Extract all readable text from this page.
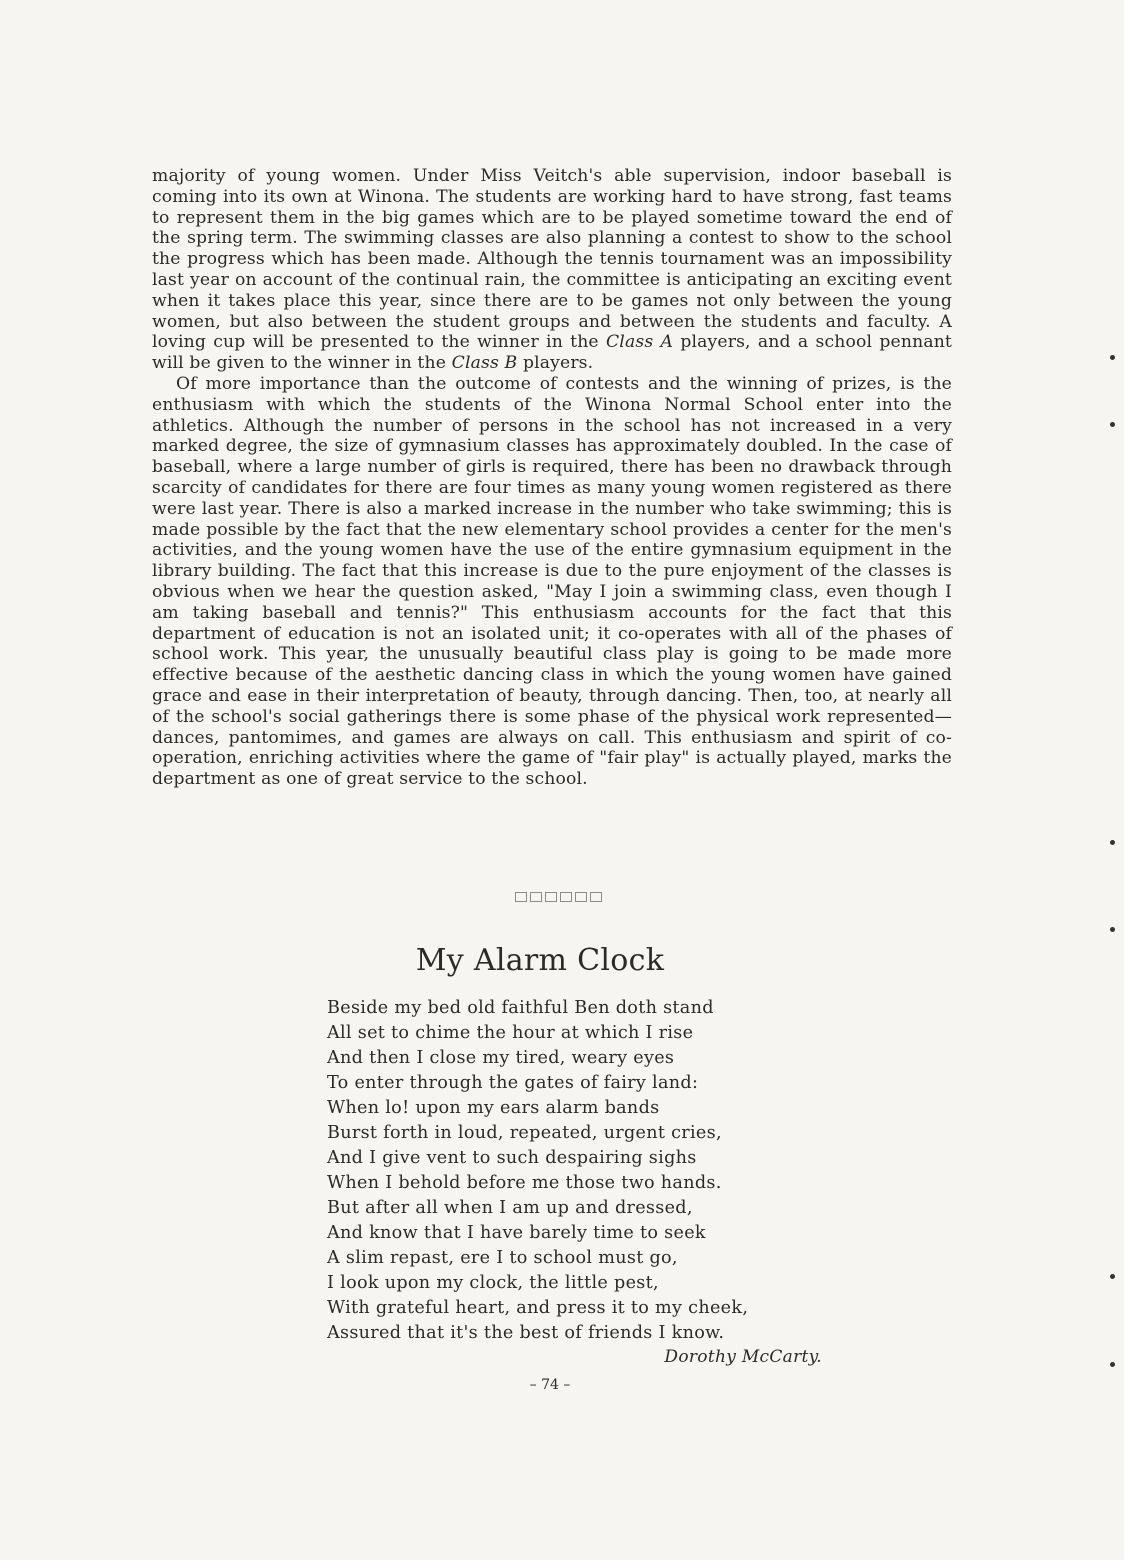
majority of young women. Under Miss Veitch's able supervision, indoor baseball is coming into its own at Winona. The students are working hard to have strong, fast teams to represent them in the big games which are to be played sometime toward the end of the spring term. The swimming classes are also planning a contest to show to the school the progress which has been made. Although the tennis tournament was an impossibility last year on account of the continual rain, the committee is anticipating an exciting event when it takes place this year, since there are to be games not only between the young women, but also between the student groups and between the students and faculty. A loving cup will be presented to the winner in the Class A players, and a school pennant will be given to the winner in the Class B players.

Of more importance than the outcome of contests and the winning of prizes, is the enthusiasm with which the students of the Winona Normal School enter into the athletics. Although the number of persons in the school has not increased in a very marked degree, the size of gymnasium classes has approximately doubled. In the case of baseball, where a large number of girls is required, there has been no drawback through scarcity of candidates for there are four times as many young women registered as there were last year. There is also a marked increase in the number who take swimming; this is made possible by the fact that the new elementary school provides a center for the men's activities, and the young women have the use of the entire gymnasium equipment in the library building. The fact that this increase is due to the pure enjoyment of the classes is obvious when we hear the question asked, "May I join a swimming class, even though I am taking baseball and tennis?" This enthusiasm accounts for the fact that this department of education is not an isolated unit; it co-operates with all of the phases of school work. This year, the unusually beautiful class play is going to be made more effective because of the aesthetic dancing class in which the young women have gained grace and ease in their interpretation of beauty, through dancing. Then, too, at nearly all of the school's social gatherings there is some phase of the physical work represented—dances, pantomimes, and games are always on call. This enthusiasm and spirit of co-operation, enriching activities where the game of "fair play" is actually played, marks the department as one of great service to the school.

My Alarm Clock
Beside my bed old faithful Ben doth stand
All set to chime the hour at which I rise
And then I close my tired, weary eyes
To enter through the gates of fairy land:
When lo! upon my ears alarm bands
Burst forth in loud, repeated, urgent cries,
And I give vent to such despairing sighs
When I behold before me those two hands.
But after all when I am up and dressed,
And know that I have barely time to seek
A slim repast, ere I to school must go,
I look upon my clock, the little pest,
With grateful heart, and press it to my cheek,
Assured that it's the best of friends I know.
Dorothy McCarty.
– 74 –
